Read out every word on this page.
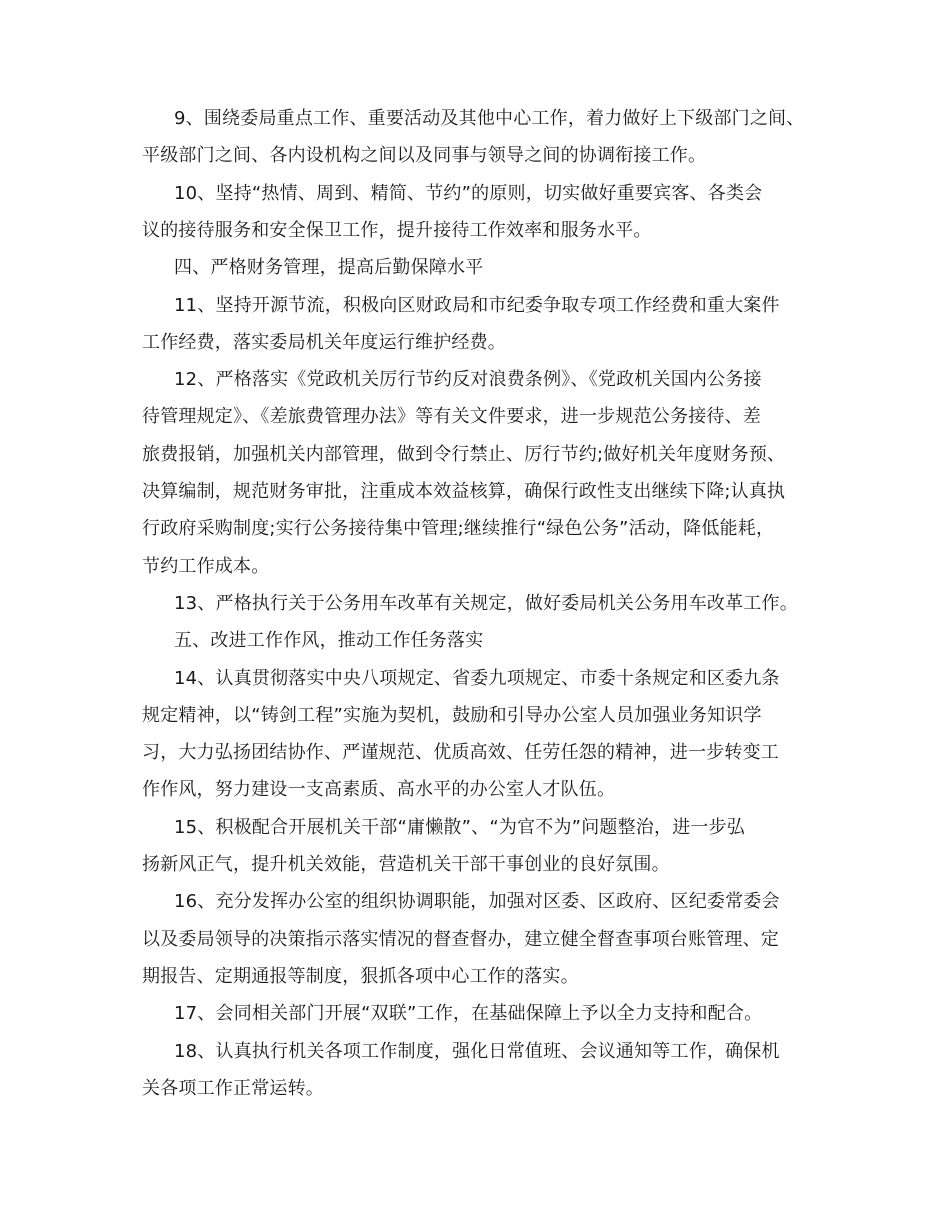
9、围绕委局重点工作、重要活动及其他中心工作，着力做好上下级部门之间、
平级部门之间、各内设机构之间以及同事与领导之间的协调衔接工作。
10、坚持“热情、周到、精简、节约”的原则，切实做好重要宾客、各类会
议的接待服务和安全保卫工作，提升接待工作效率和服务水平。
四、严格财务管理，提高后勤保障水平
11、坚持开源节流，积极向区财政局和市纪委争取专项工作经费和重大案件
工作经费，落实委局机关年度运行维护经费。
12、严格落实《党政机关厉行节约反对浪费条例》、《党政机关国内公务接
待管理规定》、《差旅费管理办法》等有关文件要求，进一步规范公务接待、差
旅费报销，加强机关内部管理，做到令行禁止、厉行节约;做好机关年度财务预、
决算编制，规范财务审批，注重成本效益核算，确保行政性支出继续下降;认真执
行政府采购制度;实行公务接待集中管理;继续推行“绿色公务”活动，降低能耗，
节约工作成本。
13、严格执行关于公务用车改革有关规定，做好委局机关公务用车改革工作。
五、改进工作作风，推动工作任务落实
14、认真贯彻落实中央八项规定、省委九项规定、市委十条规定和区委九条
规定精神，以“铸剑工程”实施为契机，鼓励和引导办公室人员加强业务知识学
习，大力弘扬团结协作、严谨规范、优质高效、任劳任怨的精神，进一步转变工
作作风，努力建设一支高素质、高水平的办公室人才队伍。
15、积极配合开展机关干部“庸懒散”、“为官不为”问题整治，进一步弘
扬新风正气，提升机关效能，营造机关干部干事创业的良好氛围。
16、充分发挥办公室的组织协调职能，加强对区委、区政府、区纪委常委会
以及委局领导的决策指示落实情况的督查督办，建立健全督查事项台账管理、定
期报告、定期通报等制度，狠抓各项中心工作的落实。
17、会同相关部门开展“双联”工作，在基础保障上予以全力支持和配合。
18、认真执行机关各项工作制度，强化日常值班、会议通知等工作，确保机
关各项工作正常运转。
